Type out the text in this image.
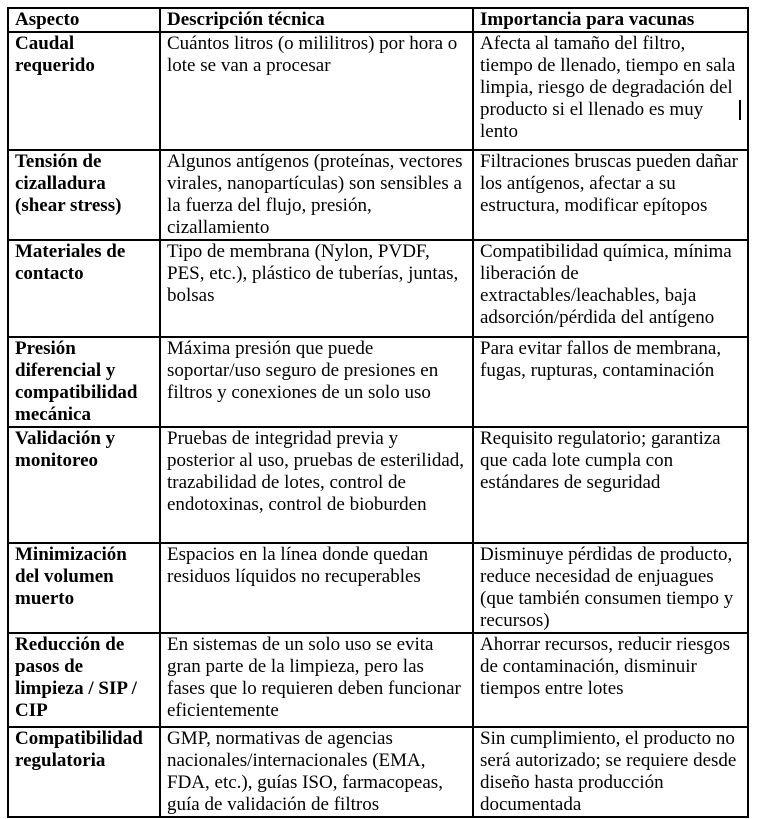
Aspecto	Descripción técnica	Importancia para vacunas
Caudal requerido	Cuántos litros (o mililitros) por hora o lote se van a procesar	Afecta al tamaño del filtro, tiempo de llenado, tiempo en sala limpia, riesgo de degradación del producto si el llenado es muy lento
Tensión de cizalladura (shear stress)	Algunos antígenos (proteínas, vectores virales, nanopartículas) son sensibles a la fuerza del flujo, presión, cizallamiento	Filtraciones bruscas pueden dañar los antígenos, afectar a su estructura, modificar epítopos
Materiales de contacto	Tipo de membrana (Nylon, PVDF, PES, etc.), plástico de tuberías, juntas, bolsas	Compatibilidad química, mínima liberación de extractables/leachables, baja adsorción/pérdida del antígeno
Presión diferencial y compatibilidad mecánica	Máxima presión que puede soportar/uso seguro de presiones en filtros y conexiones de un solo uso	Para evitar fallos de membrana, fugas, rupturas, contaminación
Validación y monitoreo	Pruebas de integridad previa y posterior al uso, pruebas de esterilidad, trazabilidad de lotes, control de endotoxinas, control de bioburden	Requisito regulatorio; garantiza que cada lote cumpla con estándares de seguridad
Minimización del volumen muerto	Espacios en la línea donde quedan residuos líquidos no recuperables	Disminuye pérdidas de producto, reduce necesidad de enjuagues (que también consumen tiempo y recursos)
Reducción de pasos de limpieza / SIP / CIP	En sistemas de un solo uso se evita gran parte de la limpieza, pero las fases que lo requieren deben funcionar eficientemente	Ahorrar recursos, reducir riesgos de contaminación, disminuir tiempos entre lotes
Compatibilidad regulatoria	GMP, normativas de agencias nacionales/internacionales (EMA, FDA, etc.), guías ISO, farmacopeas, guía de validación de filtros	Sin cumplimiento, el producto no será autorizado; se requiere desde diseño hasta producción documentada
